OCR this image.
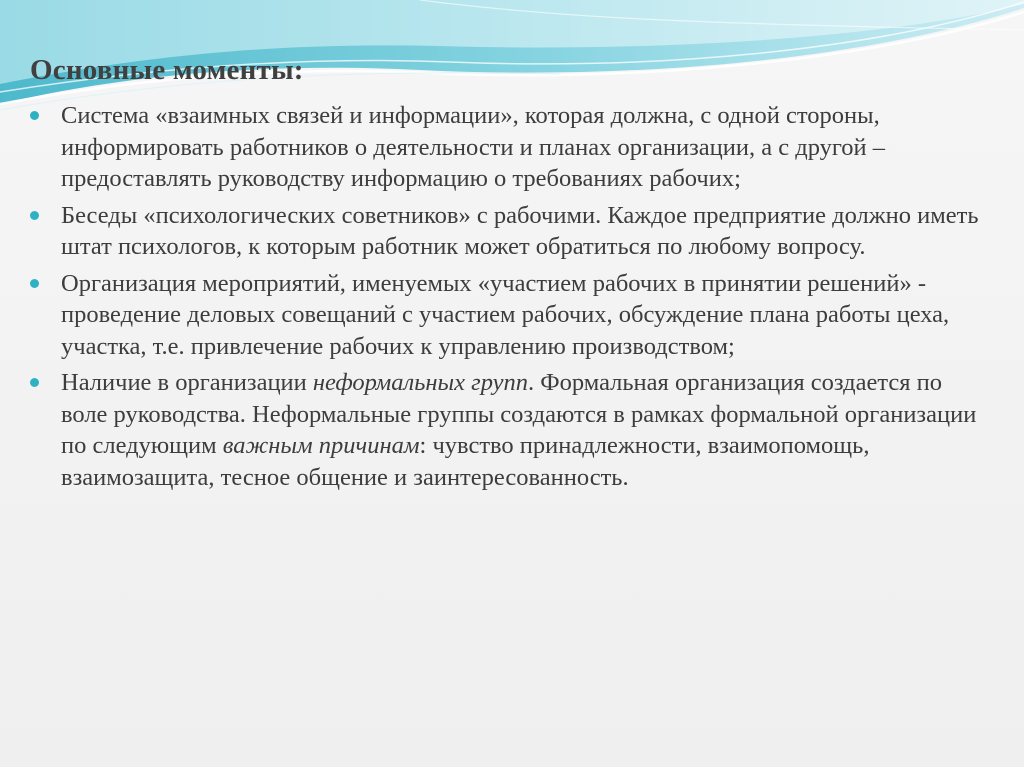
Основные моменты:
Система «взаимных связей и информации», которая должна, с одной стороны, информировать работников о деятельности и планах организации, а с другой – предоставлять руководству информацию о требованиях рабочих;
Беседы «психологических советников» с рабочими. Каждое предприятие должно иметь штат психологов, к которым работник может обратиться по любому вопросу.
Организация мероприятий, именуемых «участием рабочих в принятии решений» - проведение деловых совещаний с участием рабочих, обсуждение плана работы цеха, участка, т.е. привлечение рабочих к управлению производством;
Наличие в организации неформальных групп. Формальная организация создается по воле руководства. Неформальные группы создаются в рамках формальной организации по следующим важным причинам: чувство принадлежности, взаимопомощь, взаимозащита, тесное общение и заинтересованность.
